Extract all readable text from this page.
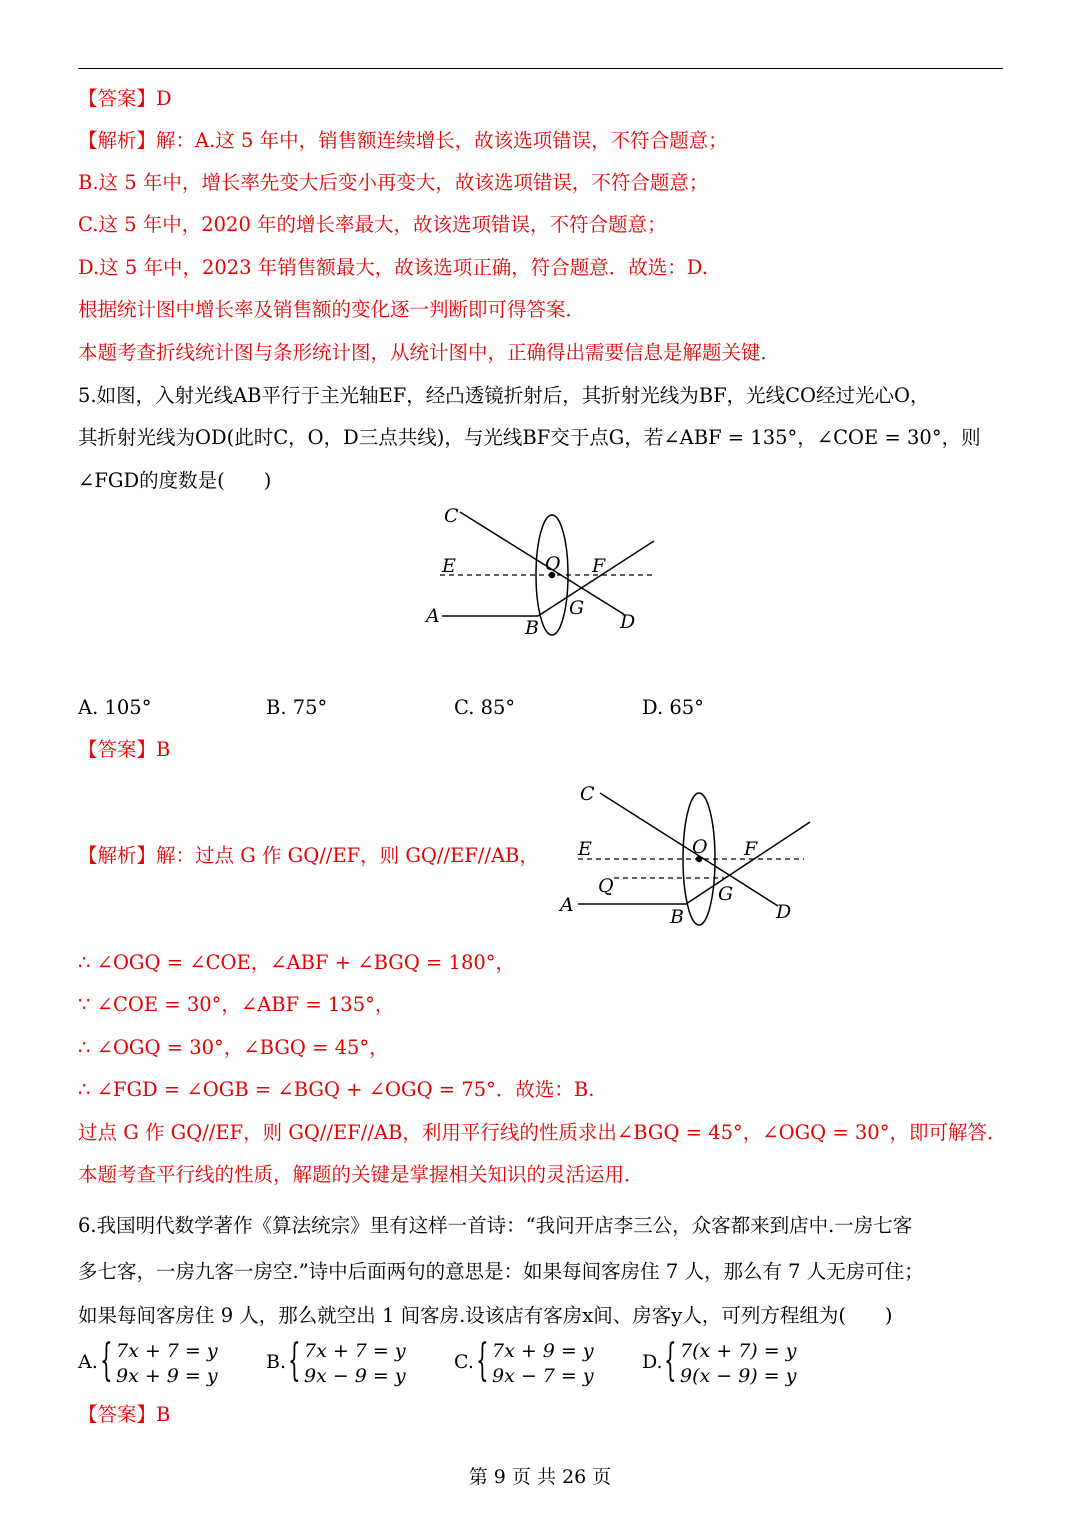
【答案】D
【解析】解：A.这 5 年中，销售额连续增长，故该选项错误，不符合题意；
B.这 5 年中，增长率先变大后变小再变大，故该选项错误，不符合题意；
C.这 5 年中，2020 年的增长率最大，故该选项错误，不符合题意；
D.这 5 年中，2023 年销售额最大，故该选项正确，符合题意．故选：D.
根据统计图中增长率及销售额的变化逐一判断即可得答案．
本题考查折线统计图与条形统计图，从统计图中，正确得出需要信息是解题关键．
5.如图，入射光线AB平行于主光轴EF，经凸透镜折射后，其折射光线为BF，光线CO经过光心O，
其折射光线为OD(此时C，O，D三点共线)，与光线BF交于点G，若∠ABF = 135°，∠COE = 30°，则
∠FGD的度数是(　　)
C
E	O F
A
B
G
D
A. 105°	B. 75°	C. 85°	D. 65°
【答案】B
【解析】解：过点 G 作 GQ//EF，则 GQ//EF//AB，
C
E	O F
Q
A
B
G
D
∴ ∠OGQ = ∠COE，∠ABF + ∠BGQ = 180°，
∵ ∠COE = 30°，∠ABF = 135°，
∴ ∠OGQ = 30°，∠BGQ = 45°，
∴ ∠FGD = ∠OGB = ∠BGQ + ∠OGQ = 75°．故选：B.
过点 G 作 GQ//EF，则 GQ//EF//AB，利用平行线的性质求出∠BGQ = 45°，∠OGQ = 30°，即可解答．
本题考查平行线的性质，解题的关键是掌握相关知识的灵活运用．
6.我国明代数学著作《算法统宗》里有这样一首诗：“我问开店李三公，众客都来到店中.一房七客
多七客，一房九客一房空.”诗中后面两句的意思是：如果每间客房住 7 人，那么有 7 人无房可住；
如果每间客房住 9 人，那么就空出 1 间客房.设该店有客房x间、房客y人，可列方程组为(　　)
A. { 7x + 7 = y
9x + 9 = y
B. { 7x + 7 = y
9x − 9 = y
C. { 7x + 9 = y
9x − 7 = y
D. { 7(x + 7) = y
9(x − 9) = y
【答案】B
第 9 页 共 26 页
